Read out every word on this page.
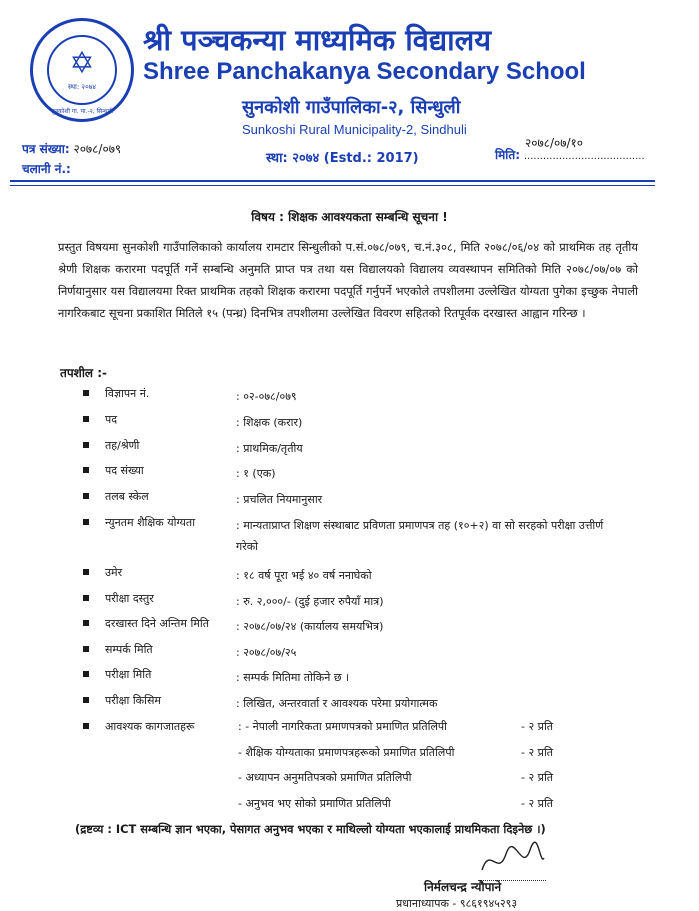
✡
स्था: २०७४
सुनकोशी गा. पा.-२, सिन्धुली
श्री पञ्चकन्या माध्यमिक विद्यालय
Shree Panchakanya Secondary School
सुनकोशी गाउँपालिका-२, सिन्धुली
Sunkoshi Rural Municipality-2, Sindhuli
पत्र संख्या: २०७८/०७९
चलानी नं.:
स्था: २०७४ (Estd.: 2017)
२०७८/०७/१०
मिति: ......................................
विषय : शिक्षक आवश्यकता सम्बन्धि सूचना !
प्रस्तुत विषयमा सुनकोशी गाउँपालिकाको कार्यालय रामटार सिन्धुलीको प.सं.०७८/०७९, च.नं.३०८, मिति २०७८/०६/०४ को प्राथमिक तह तृतीय श्रेणी शिक्षक करारमा पदपूर्ति गर्ने सम्बन्धि अनुमति प्राप्त पत्र तथा यस विद्यालयको विद्यालय व्यवस्थापन समितिको मिति २०७८/०७/०७ को निर्णयानुसार यस विद्यालयमा रिक्त प्राथमिक तहको शिक्षक करारमा पदपूर्ति गर्नुपर्ने भएकोले तपशीलमा उल्लेखित योग्यता पुगेका इच्छुक नेपाली नागरिकबाट सूचना प्रकाशित मितिले १५ (पन्ध्र) दिनभित्र तपशीलमा उल्लेखित विवरण सहितको रितपूर्वक दरखास्त आह्वान गरिन्छ ।
तपशील :-
विज्ञापन नं.	: ०२-०७८/०७९
पद	: शिक्षक (करार)
तह/श्रेणी	: प्राथमिक/तृतीय
पद संख्या	: १ (एक)
तलब स्केल	: प्रचलित नियमानुसार
न्युनतम शैक्षिक योग्यता	: मान्यताप्राप्त शिक्षण संस्थाबाट प्रविणता प्रमाणपत्र तह (१०+२) वा सो सरहको परीक्षा उत्तीर्ण गरेको
उमेर	: १८ वर्ष पूरा भई ४० वर्ष ननाघेको
परीक्षा दस्तुर	: रु. २,०००/- (दुई हजार रुपैयाँ मात्र)
दरखास्त दिने अन्तिम मिति : २०७८/०७/२४ (कार्यालय समयभित्र)
सम्पर्क मिति	: २०७८/०७/२५
परीक्षा मिति	: सम्पर्क मितिमा तोकिने छ ।
परीक्षा किसिम	: लिखित, अन्तरवार्ता र आवश्यक परेमा प्रयोगात्मक
आवश्यक कागजातहरू	: - नेपाली नागरिकता प्रमाणपत्रको प्रमाणित प्रतिलिपी	- २ प्रति
- शैक्षिक योग्यताका प्रमाणपत्रहरूको प्रमाणित प्रतिलिपी	- २ प्रति
- अध्यापन अनुमतिपत्रको प्रमाणित प्रतिलिपी	- २ प्रति
- अनुभव भए सोको प्रमाणित प्रतिलिपी	- २ प्रति
(द्रष्टव्य : ICT सम्बन्धि ज्ञान भएका, पेसागत अनुभव भएका र माथिल्लो योग्यता भएकालाई प्राथमिकता दिइनेछ ।)
निर्मलचन्द्र न्यौपाने
प्रधानाध्यापक - ९८६१९४५२९३
